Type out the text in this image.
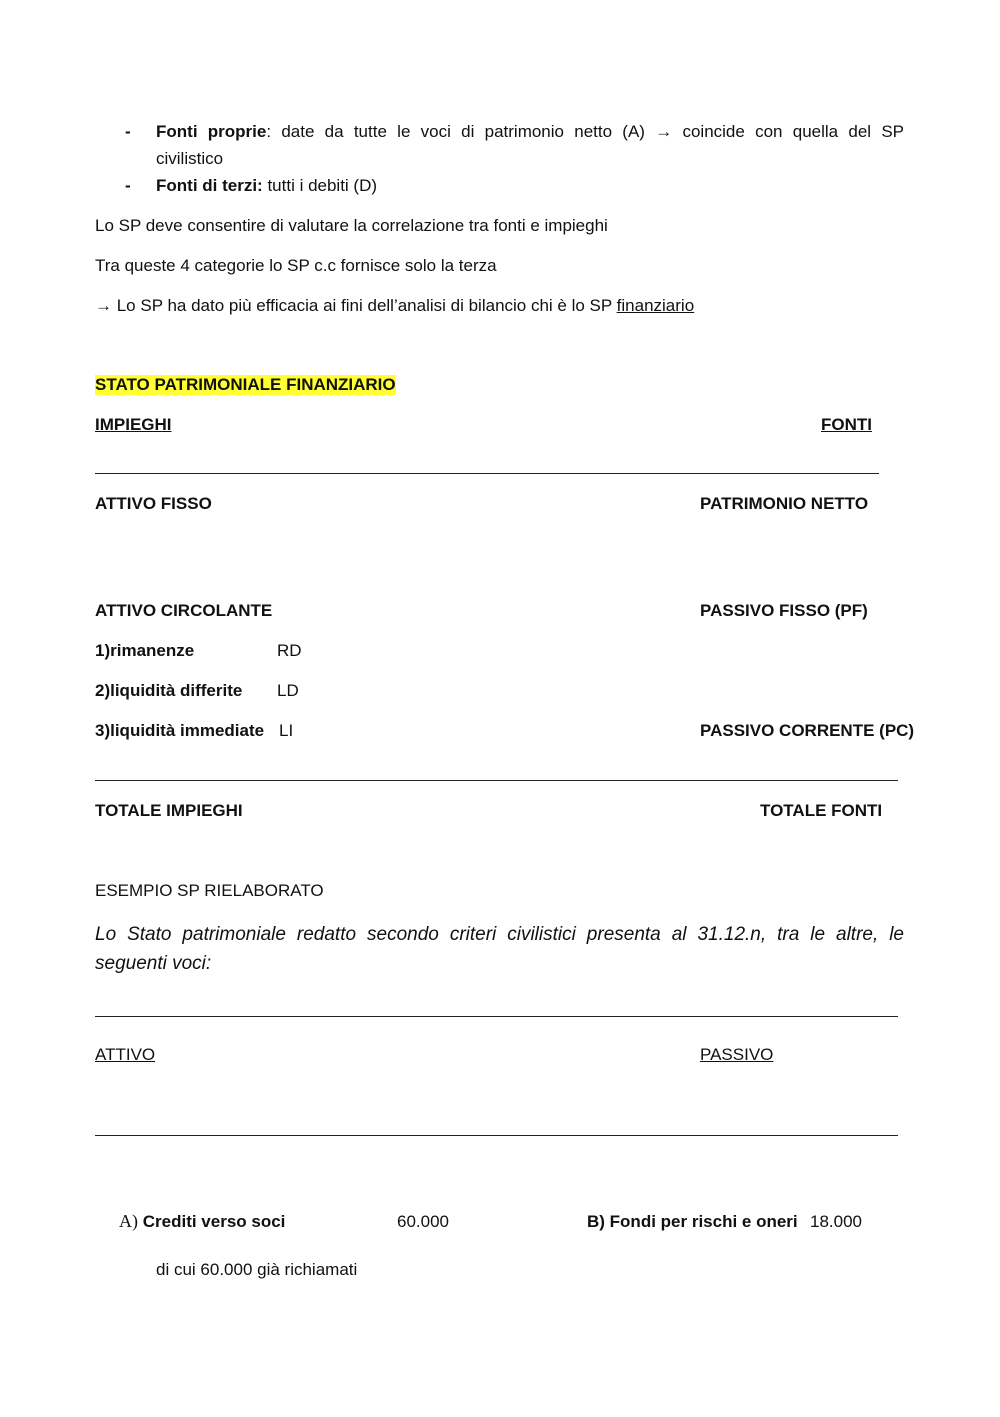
- Fonti proprie: date da tutte le voci di patrimonio netto (A) → coincide con quella del SP
civilistico
- Fonti di terzi: tutti i debiti (D)
Lo SP deve consentire di valutare la correlazione tra fonti e impieghi
Tra queste 4 categorie lo SP c.c fornisce solo la terza
→ Lo SP ha dato più efficacia ai fini dell’analisi di bilancio chi è lo SP finanziario
STATO PATRIMONIALE FINANZIARIO
IMPIEGHI	FONTI
ATTIVO FISSO	PATRIMONIO NETTO
ATTIVO CIRCOLANTE	PASSIVO FISSO (PF)
1)rimanenze	RD
2)liquidità differite LD
3)liquidità immediate LI	PASSIVO CORRENTE (PC)
TOTALE IMPIEGHI	TOTALE FONTI
ESEMPIO SP RIELABORATO
Lo Stato patrimoniale redatto secondo criteri civilistici presenta al 31.12.n, tra le altre, le seguenti voci:
ATTIVO	PASSIVO
A) Crediti verso soci	60.000	B) Fondi per rischi e oneri 18.000
di cui 60.000 già richiamati
